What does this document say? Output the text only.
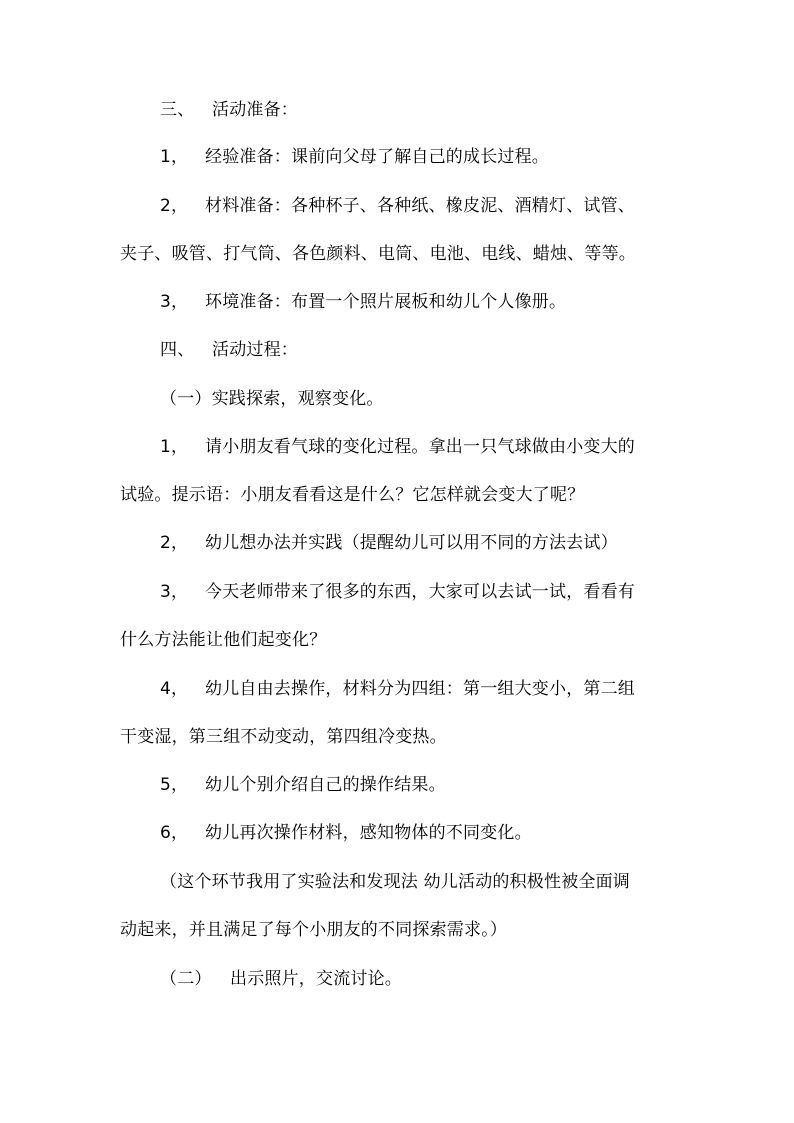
三、 活动准备：
1， 经验准备：课前向父母了解自己的成长过程。
2， 材料准备：各种杯子、各种纸、橡皮泥、酒精灯、试管、
夹子、吸管、打气筒、各色颜料、电筒、电池、电线、蜡烛、等等。
3， 环境准备：布置一个照片展板和幼儿个人像册。
四、 活动过程：
（一）实践探索，观察变化。
1， 请小朋友看气球的变化过程。拿出一只气球做由小变大的
试验。提示语：小朋友看看这是什么？它怎样就会变大了呢？
2， 幼儿想办法并实践（提醒幼儿可以用不同的方法去试）
3， 今天老师带来了很多的东西，大家可以去试一试，看看有
什么方法能让他们起变化？
4， 幼儿自由去操作，材料分为四组：第一组大变小，第二组
干变湿，第三组不动变动，第四组冷变热。
5， 幼儿个别介绍自己的操作结果。
6， 幼儿再次操作材料，感知物体的不同变化。
（这个环节我用了实验法和发现法 幼儿活动的积极性被全面调
动起来，并且满足了每个小朋友的不同探索需求。）
（二） 出示照片，交流讨论。
